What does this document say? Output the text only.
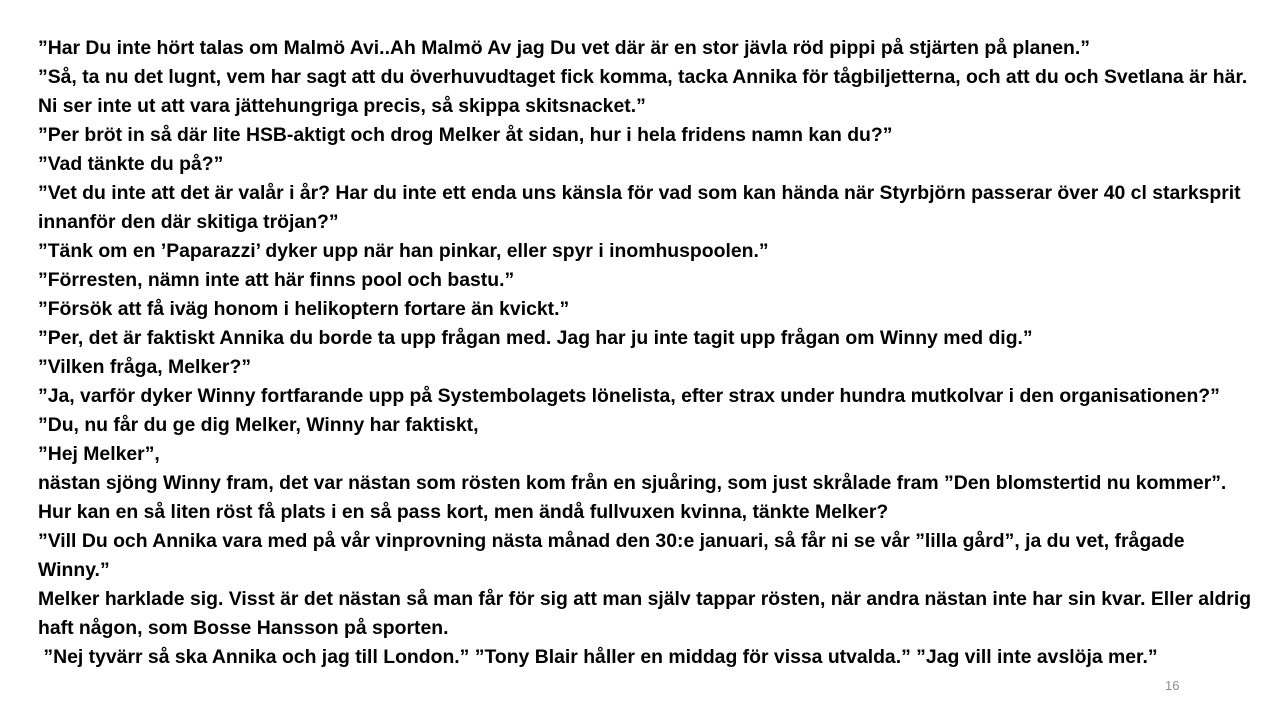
”Har Du inte hört talas om Malmö Avi..Ah Malmö Av jag Du vet där är en stor jävla röd pippi på stjärten på planen.”

”Så, ta nu det lugnt, vem har sagt att du överhuvudtaget fick komma, tacka Annika för tågbiljetterna, och att du och Svetlana är här. Ni ser inte ut att vara jättehungriga precis, så skippa skitsnacket.”

”Per bröt in så där lite HSB-aktigt och drog Melker åt sidan, hur i hela fridens namn kan du?”

”Vad tänkte du på?”

”Vet du inte att det är valår i år? Har du inte ett enda uns känsla för vad som kan hända när Styrbjörn passerar över 40 cl starksprit innanför den där skitiga tröjan?”

”Tänk om en ’Paparazzi’ dyker upp när han pinkar, eller spyr i inomhuspoolen.”

”Förresten, nämn inte att här finns pool och bastu.”

”Försök att få iväg honom i helikoptern fortare än kvickt.”

”Per, det är faktiskt Annika du borde ta upp frågan med. Jag har ju inte tagit upp frågan om Winny med dig.”

”Vilken fråga, Melker?”

”Ja, varför dyker Winny fortfarande upp på Systembolagets lönelista, efter strax under hundra mutkolvar i den organisationen?”

”Du, nu får du ge dig Melker, Winny har faktiskt,

”Hej Melker”,

nästan sjöng Winny fram, det var nästan som rösten kom från en sjuåring, som just skrålade fram ”Den blomstertid nu kommer”. Hur kan en så liten röst få plats i en så pass kort, men ändå fullvuxen kvinna, tänkte Melker?

”Vill Du och Annika vara med på vår vinprovning nästa månad den 30:e januari, så får ni se vår ”lilla gård”, ja du vet, frågade Winny.”

Melker harklade sig. Visst är det nästan så man får för sig att man själv tappar rösten, när andra nästan inte har sin kvar. Eller aldrig haft någon, som Bosse Hansson på sporten.

”Nej tyvärr så ska Annika och jag till London.” ”Tony Blair håller en middag för vissa utvalda.” ”Jag vill inte avslöja mer.”

16
